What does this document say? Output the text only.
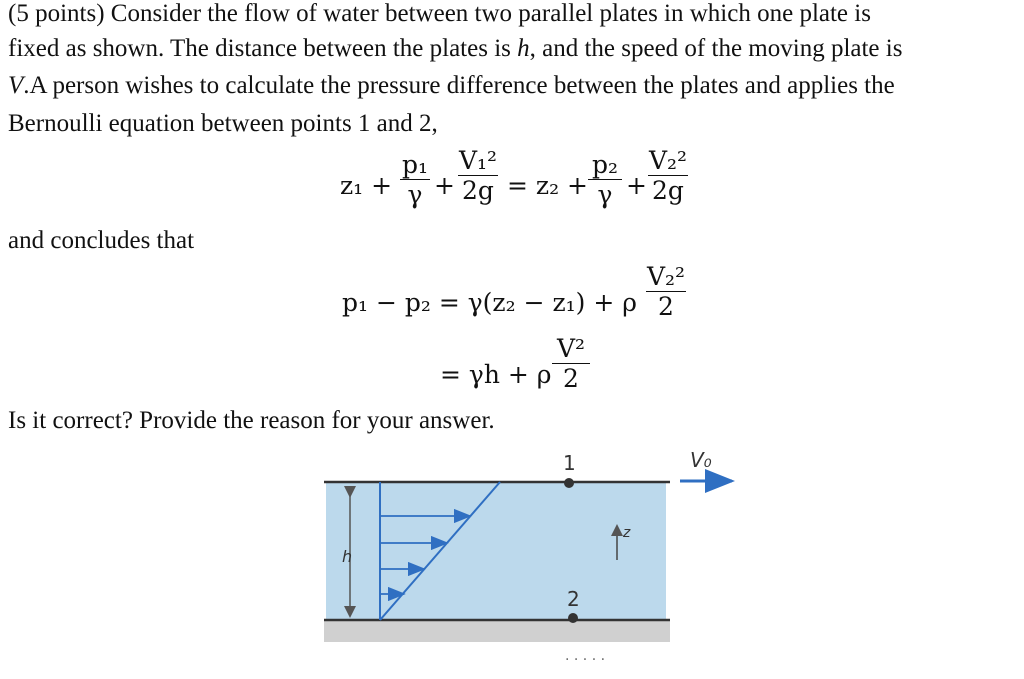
(5 points) Consider the flow of water between two parallel plates in which one plate is
fixed as shown. The distance between the plates is h, and the speed of the moving plate is
V.A person wishes to calculate the pressure difference between the plates and applies the
Bernoulli equation between points 1 and 2,
z₁ +
p₁
γ +
V₁²
2g = z₂ +
p₂
γ +
V₂²
2g
and concludes that
p₁ − p₂ = γ(z₂ − z₁) + ρ
V₂²
2
= γh + ρ
V²
2
Is it correct? Provide the reason for your answer.
1
2
V₀
h
z
. . . . .
